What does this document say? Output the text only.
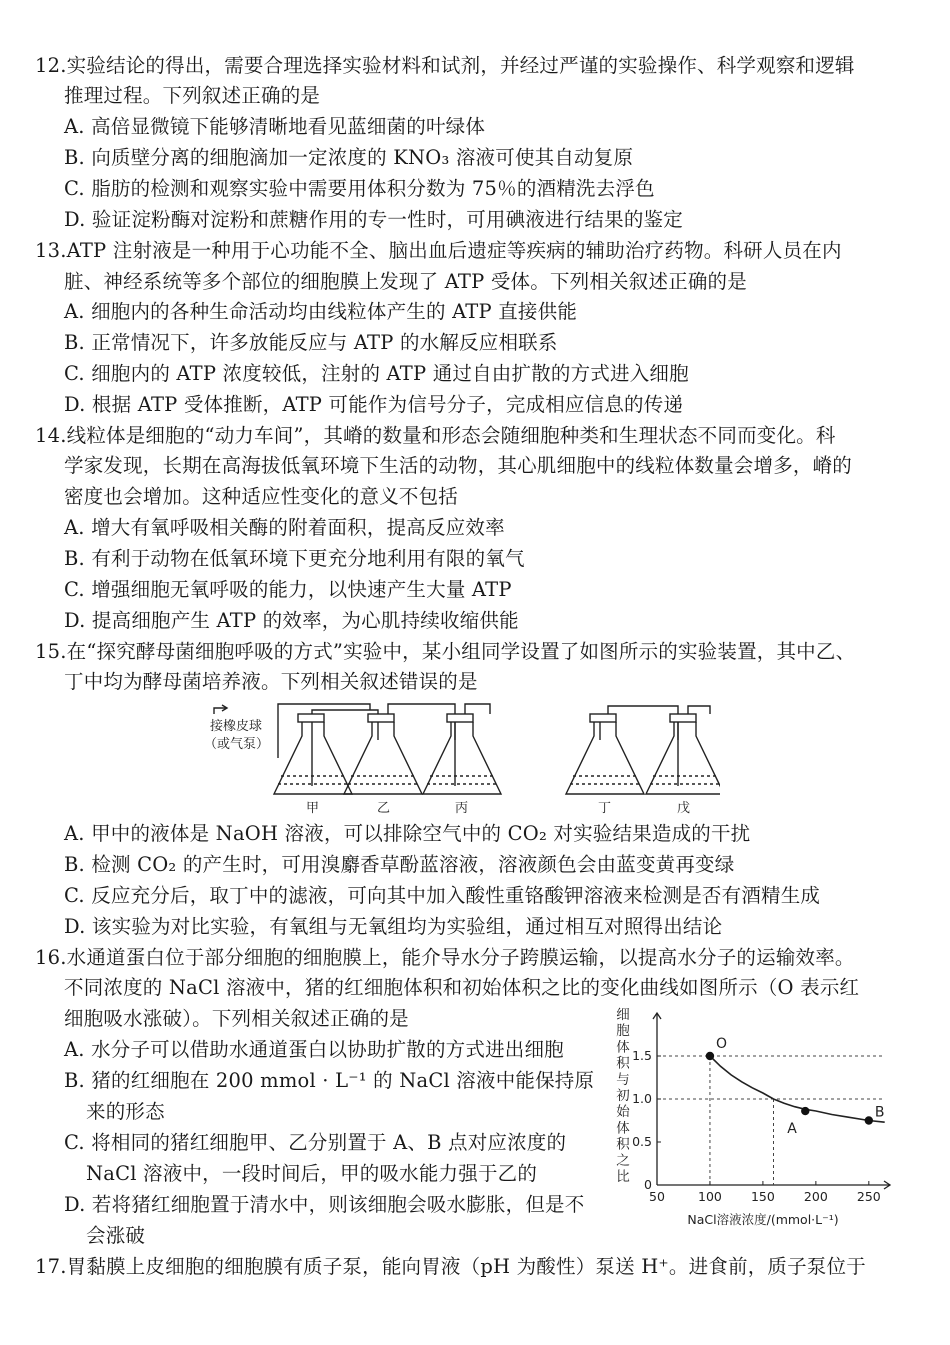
12.实验结论的得出，需要合理选择实验材料和试剂，并经过严谨的实验操作、科学观察和逻辑
推理过程。下列叙述正确的是
A. 高倍显微镜下能够清晰地看见蓝细菌的叶绿体
B. 向质壁分离的细胞滴加一定浓度的 KNO₃ 溶液可使其自动复原
C. 脂肪的检测和观察实验中需要用体积分数为 75％的酒精洗去浮色
D. 验证淀粉酶对淀粉和蔗糖作用的专一性时，可用碘液进行结果的鉴定
13.ATP 注射液是一种用于心功能不全、脑出血后遗症等疾病的辅助治疗药物。科研人员在内
脏、神经系统等多个部位的细胞膜上发现了 ATP 受体。下列相关叙述正确的是
A. 细胞内的各种生命活动均由线粒体产生的 ATP 直接供能
B. 正常情况下，许多放能反应与 ATP 的水解反应相联系
C. 细胞内的 ATP 浓度较低，注射的 ATP 通过自由扩散的方式进入细胞
D. 根据 ATP 受体推断，ATP 可能作为信号分子，完成相应信息的传递
14.线粒体是细胞的“动力车间”，其嵴的数量和形态会随细胞种类和生理状态不同而变化。科
学家发现，长期在高海拔低氧环境下生活的动物，其心肌细胞中的线粒体数量会增多，嵴的
密度也会增加。这种适应性变化的意义不包括
A. 增大有氧呼吸相关酶的附着面积，提高反应效率
B. 有利于动物在低氧环境下更充分地利用有限的氧气
C. 增强细胞无氧呼吸的能力，以快速产生大量 ATP
D. 提高细胞产生 ATP 的效率，为心肌持续收缩供能
15.在“探究酵母菌细胞呼吸的方式”实验中，某小组同学设置了如图所示的实验装置，其中乙、
丁中均为酵母菌培养液。下列相关叙述错误的是
接橡皮球
（或气泵）
甲	乙	丙	丁	戊
A. 甲中的液体是 NaOH 溶液，可以排除空气中的 CO₂ 对实验结果造成的干扰
B. 检测 CO₂ 的产生时，可用溴麝香草酚蓝溶液，溶液颜色会由蓝变黄再变绿
C. 反应充分后，取丁中的滤液，可向其中加入酸性重铬酸钾溶液来检测是否有酒精生成
D. 该实验为对比实验，有氧组与无氧组均为实验组，通过相互对照得出结论
16.水通道蛋白位于部分细胞的细胞膜上，能介导水分子跨膜运输，以提高水分子的运输效率。
不同浓度的 NaCl 溶液中，猪的红细胞体积和初始体积之比的变化曲线如图所示（O 表示红
细胞吸水涨破）。下列相关叙述正确的是
A. 水分子可以借助水通道蛋白以协助扩散的方式进出细胞
B. 猪的红细胞在 200 mmol · L⁻¹ 的 NaCl 溶液中能保持原
来的形态
C. 将相同的猪红细胞甲、乙分别置于 A、B 点对应浓度的
NaCl 溶液中，一段时间后，甲的吸水能力强于乙的
D. 若将猪红细胞置于清水中，则该细胞会吸水膨胀，但是不
会涨破
细
胞
体
积
与
初
始
体
积
之
比 0
0.5
1.0
1.5
50	100 150 200 250
O
A
B
NaCl溶液浓度/(mmol·L⁻¹)
17.胃黏膜上皮细胞的细胞膜有质子泵，能向胃液（pH 为酸性）泵送 H⁺。进食前，质子泵位于
